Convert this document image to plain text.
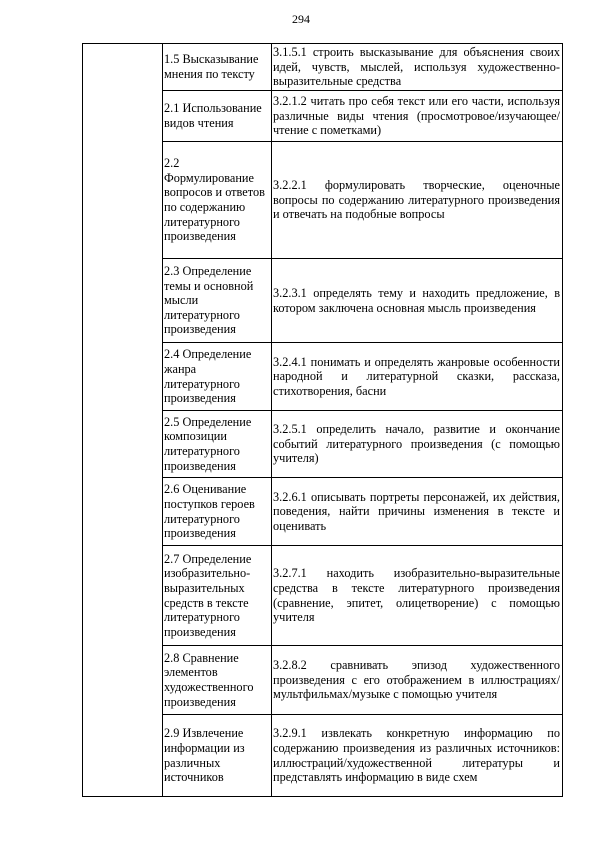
294
	1.5 Высказывание мнения по тексту	3.1.5.1 строить высказывание для объяснения своих идей, чувств, мыслей, используя художественно-выразительные средства
	2.1 Использование видов чтения	3.2.1.2 читать про себя текст или его части, используя различные виды чтения (просмотровое/изучающее/чтение с пометками)
	2.2 Формулирование вопросов и ответов по содержанию литературного произведения	3.2.2.1 формулировать творческие, оценочные вопросы по содержанию литературного произведения и отвечать на подобные вопросы
	2.3 Определение темы и основной мысли литературного произведения	3.2.3.1 определять тему и находить предложение, в котором заключена основная мысль произведения
	2.4 Определение жанра литературного произведения	3.2.4.1 понимать и определять жанровые особенности народной и литературной сказки, рассказа, стихотворения, басни
	2.5 Определение композиции литературного произведения	3.2.5.1 определить начало, развитие и окончание событий литературного произведения (с помощью учителя)
	2.6 Оценивание поступков героев литературного произведения	3.2.6.1 описывать портреты персонажей, их действия, поведения, найти причины изменения в тексте и оценивать
	2.7 Определение изобразительно-выразительных средств в тексте литературного произведения	3.2.7.1 находить изобразительно-выразительные средства в тексте литературного произведения (сравнение, эпитет, олицетворение) с помощью учителя
	2.8 Сравнение элементов художественного произведения	3.2.8.2 сравнивать эпизод художественного произведения с его отображением в иллюстрациях/мультфильмах/музыке с помощью учителя
	2.9 Извлечение информации из различных источников	3.2.9.1 извлекать конкретную информацию по содержанию произведения из различных источников: иллюстраций/художественной литературы и представлять информацию в виде схем
